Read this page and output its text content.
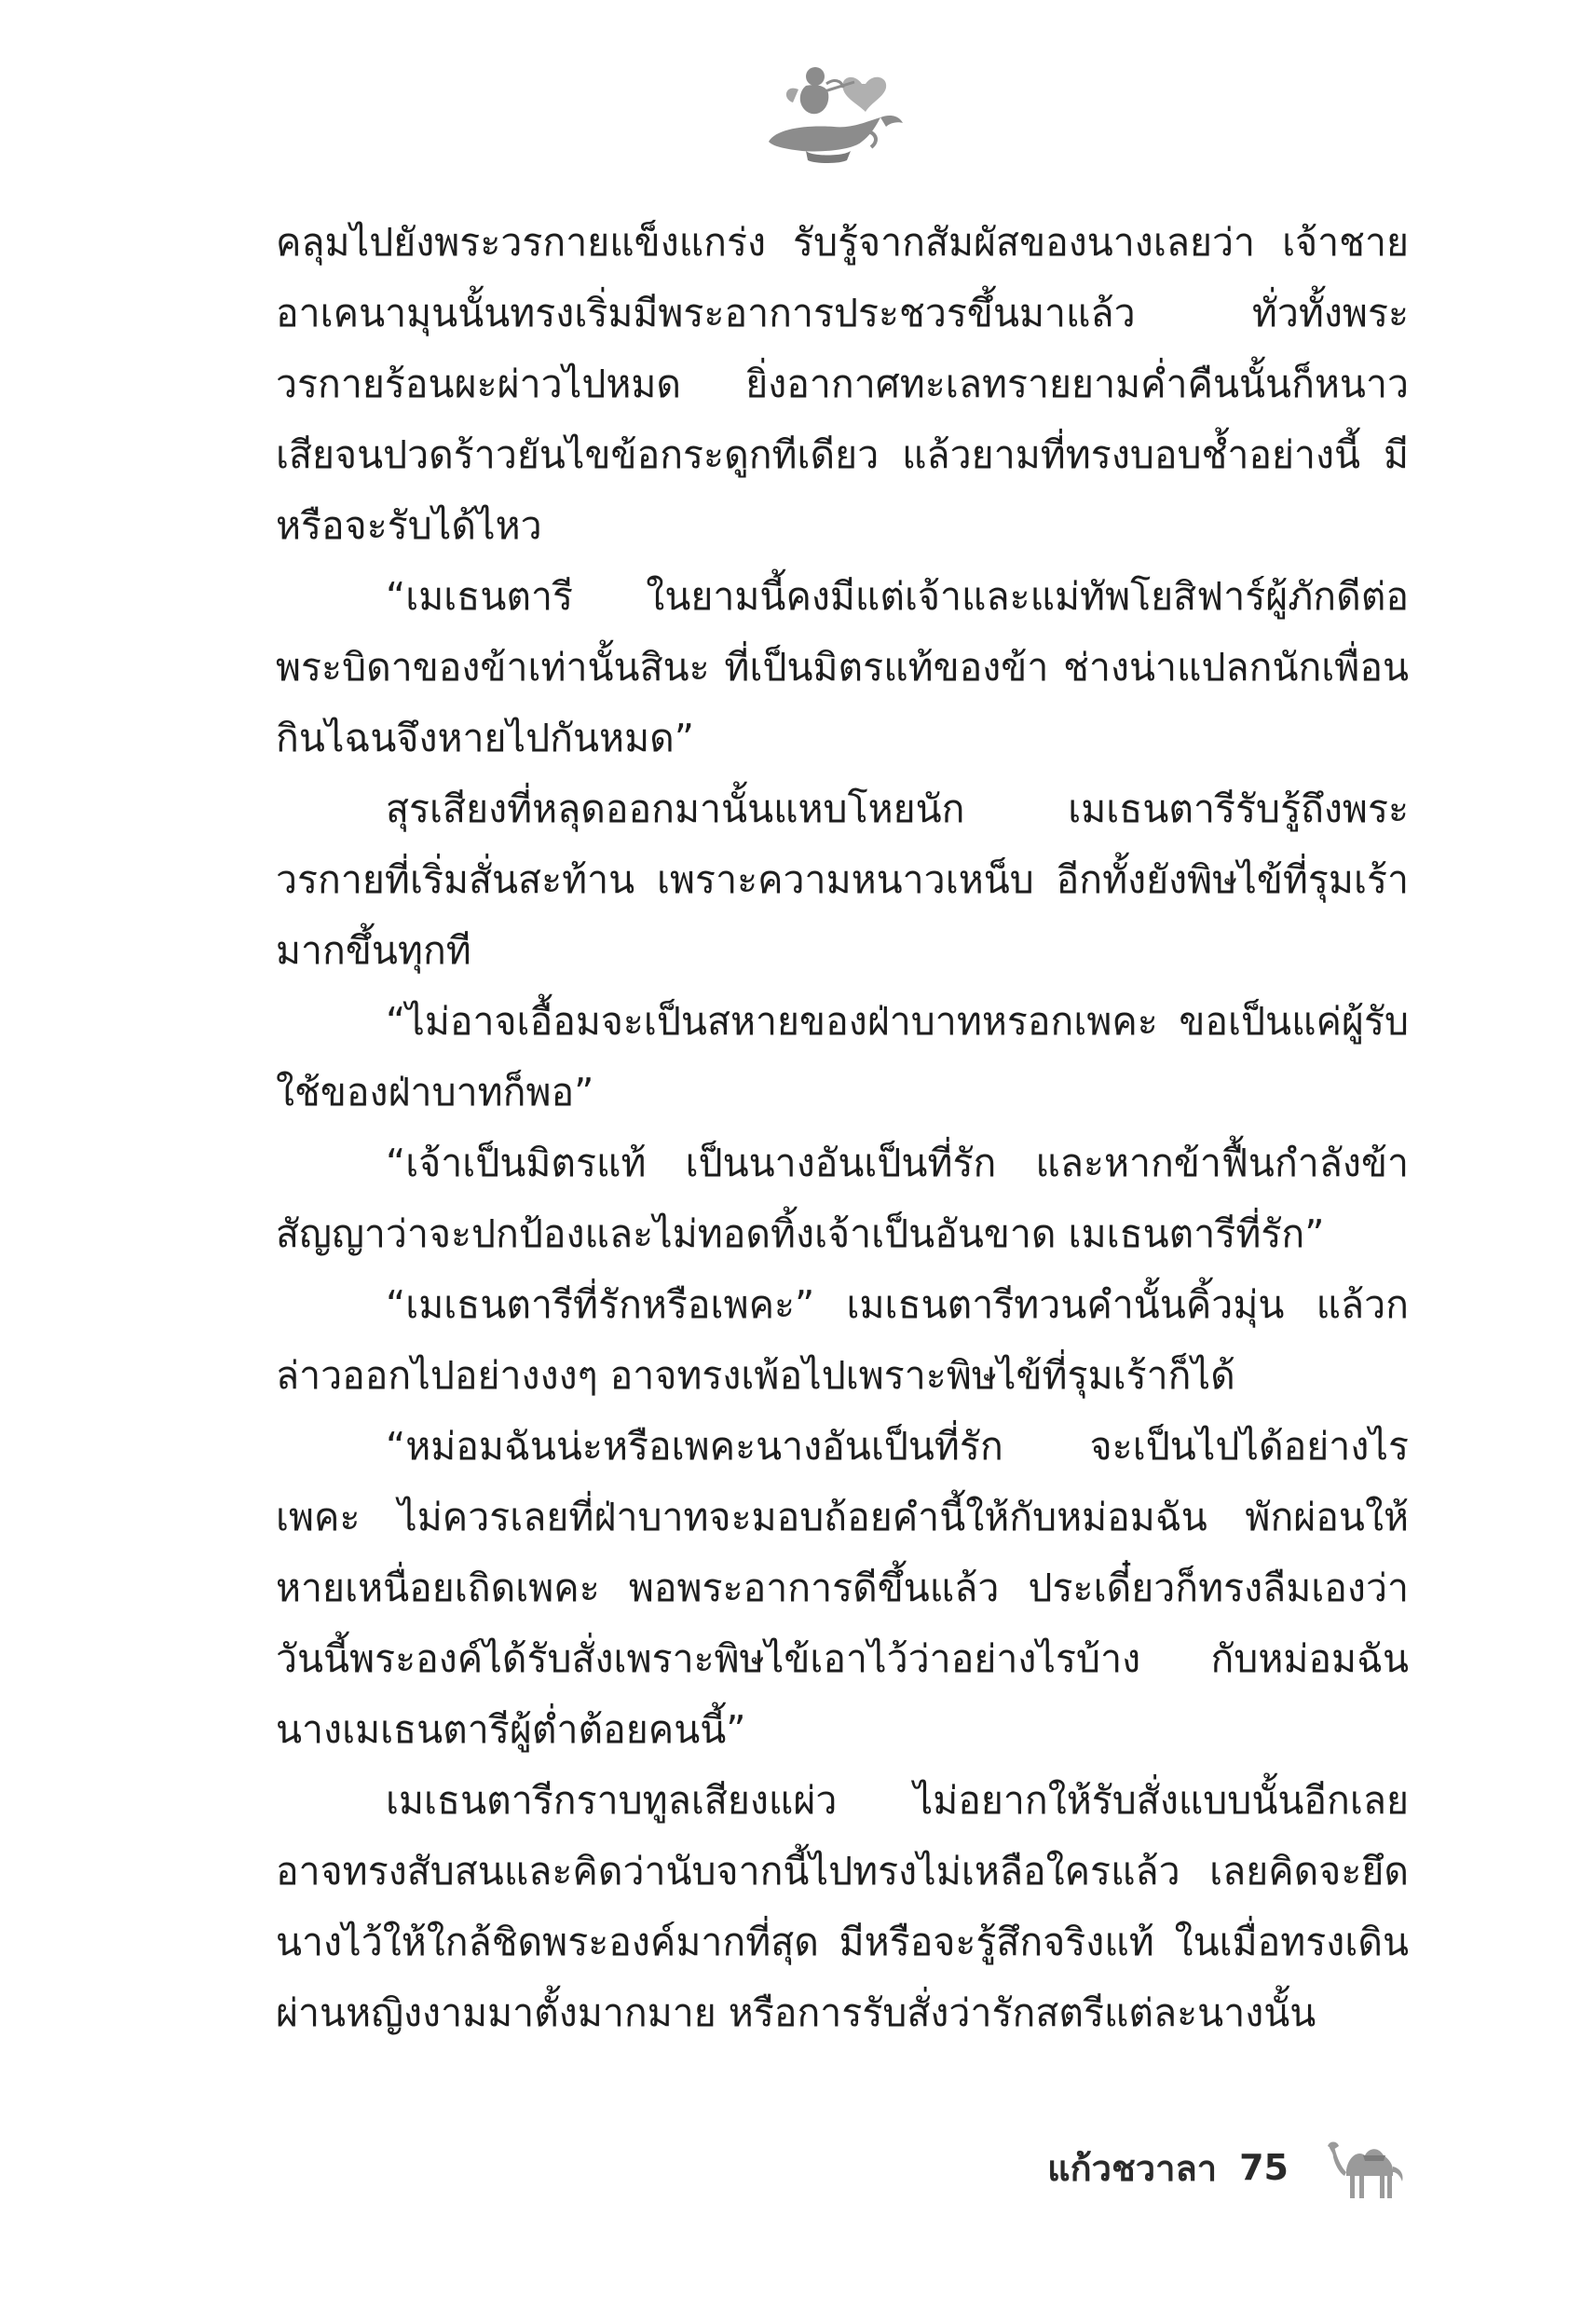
คลุมไปยังพระวรกายแข็งแกร่ง รับรู้จากสัมผัสของนางเลยว่า เจ้าชายอาเคนามุนนั้นทรงเริ่มมีพระอาการประชวรขึ้นมาแล้ว ทั่วทั้งพระวรกายร้อนผะผ่าวไปหมด ยิ่งอากาศทะเลทรายยามค่ำคืนนั้นก็หนาวเสียจนปวดร้าวยันไขข้อกระดูกทีเดียว แล้วยามที่ทรงบอบช้ำอย่างนี้ มีหรือจะรับได้ไหว

“เมเธนตารี ในยามนี้คงมีแต่เจ้าและแม่ทัพโยสิฟาร์ผู้ภักดีต่อพระบิดาของข้าเท่านั้นสินะ ที่เป็นมิตรแท้ของข้า ช่างน่าแปลกนักเพื่อนกินไฉนจึงหายไปกันหมด”

สุรเสียงที่หลุดออกมานั้นแหบโหยนัก เมเธนตารีรับรู้ถึงพระวรกายที่เริ่มสั่นสะท้าน เพราะความหนาวเหน็บ อีกทั้งยังพิษไข้ที่รุมเร้ามากขึ้นทุกที

“ไม่อาจเอื้อมจะเป็นสหายของฝ่าบาทหรอกเพคะ ขอเป็นแค่ผู้รับใช้ของฝ่าบาทก็พอ”

“เจ้าเป็นมิตรแท้ เป็นนางอันเป็นที่รัก และหากข้าฟื้นกำลังข้าสัญญาว่าจะปกป้องและไม่ทอดทิ้งเจ้าเป็นอันขาด เมเธนตารีที่รัก”

“เมเธนตารีที่รักหรือเพคะ” เมเธนตารีทวนคำนั้นคิ้วมุ่น แล้วกล่าวออกไปอย่างงงๆ อาจทรงเพ้อไปเพราะพิษไข้ที่รุมเร้าก็ได้

“หม่อมฉันน่ะหรือเพคะนางอันเป็นที่รัก จะเป็นไปได้อย่างไรเพคะ ไม่ควรเลยที่ฝ่าบาทจะมอบถ้อยคำนี้ให้กับหม่อมฉัน พักผ่อนให้หายเหนื่อยเถิดเพคะ พอพระอาการดีขึ้นแล้ว ประเดี๋ยวก็ทรงลืมเองว่าวันนี้พระองค์ได้รับสั่งเพราะพิษไข้เอาไว้ว่าอย่างไรบ้าง กับหม่อมฉันนางเมเธนตารีผู้ต่ำต้อยคนนี้”

เมเธนตารีกราบทูลเสียงแผ่ว ไม่อยากให้รับสั่งแบบนั้นอีกเลย อาจทรงสับสนและคิดว่านับจากนี้ไปทรงไม่เหลือใครแล้ว เลยคิดจะยึดนางไว้ให้ใกล้ชิดพระองค์มากที่สุด มีหรือจะรู้สึกจริงแท้ ในเมื่อทรงเดินผ่านหญิงงามมาตั้งมากมาย หรือการรับสั่งว่ารักสตรีแต่ละนางนั้น

แก้วชวาลา 75
